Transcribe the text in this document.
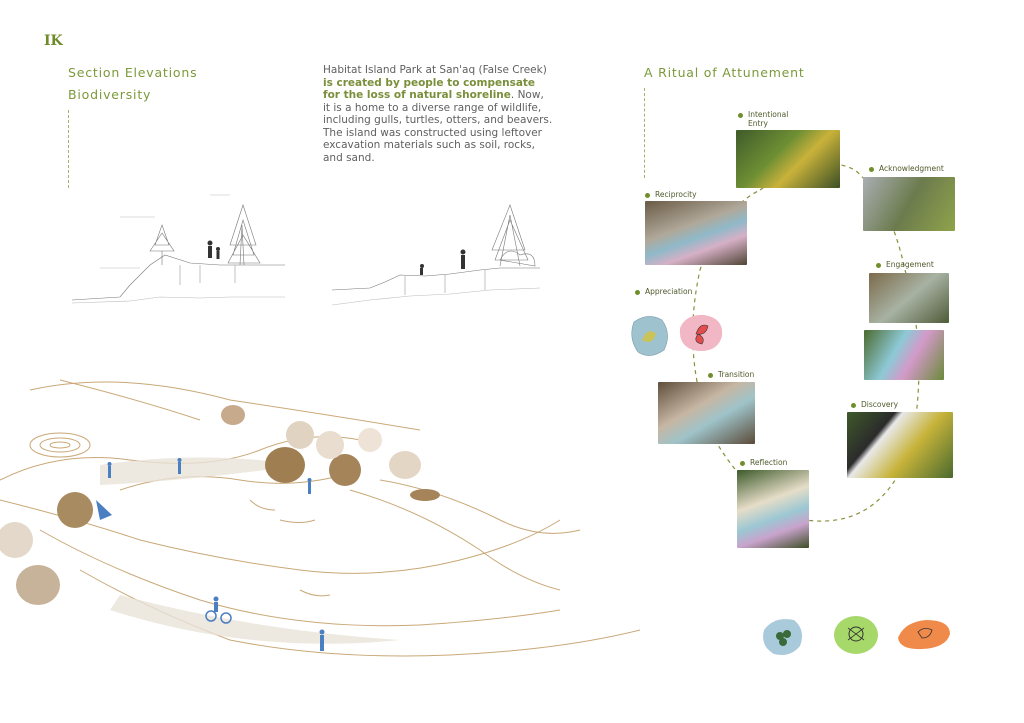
IK
Section Elevations
Biodiversity
Habitat Island Park at San'aq (False Creek)
is created by people to compensate for the loss of natural shoreline. Now, it is a home to a diverse range of wildlife, including gulls, turtles, otters, and beavers. The island was constructed using leftover excavation materials such as soil, rocks, and sand.
A Ritual of Attunement
Intentional Entry
Acknowledgment
Reciprocity
Engagement
Appreciation
Transition
Discovery
Reflection
